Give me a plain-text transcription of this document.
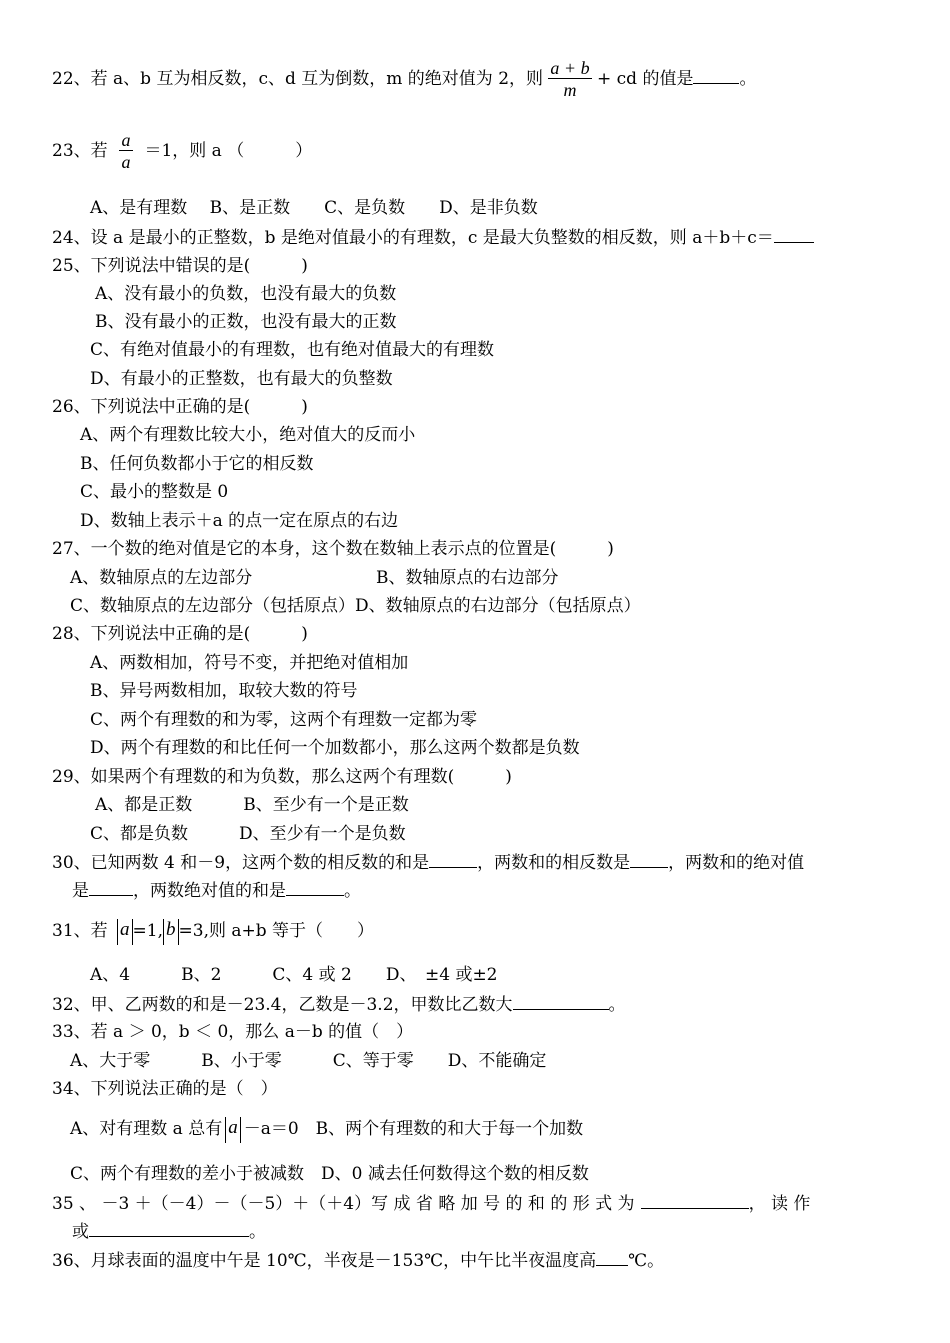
22、若 a、b 互为相反数，c、d 互为倒数，m 的绝对值为 2，则 $\frac{a + b}{m}$ + cd 的值是	。
23、若 $\frac{a}{a} =1$，则 a （　　　）
A、是有理数　 B、是正数　　C、是负数　　D、是非负数
24、设 a 是最小的正整数，b 是绝对值最小的有理数，c 是最大负整数的相反数，则 a＋b＋c＝
25、下列说法中错误的是(　　　)
A、没有最小的负数，也没有最大的负数
B、没有最小的正数，也没有最大的正数
C、有绝对值最小的有理数，也有绝对值最大的有理数
D、有最小的正整数，也有最大的负整数
26、下列说法中正确的是(　　　)
A、两个有理数比较大小，绝对值大的反而小
B、任何负数都小于它的相反数
C、最小的整数是 0
D、数轴上表示＋a 的点一定在原点的右边
27、一个数的绝对值是它的本身，这个数在数轴上表示点的位置是(　　　)
A、数轴原点的左边部分	B、数轴原点的右边部分
C、数轴原点的左边部分（包括原点）D、数轴原点的右边部分（包括原点）
28、下列说法中正确的是(　　　)
A、两数相加，符号不变，并把绝对值相加
B、异号两数相加，取较大数的符号
C、两个有理数的和为零，这两个有理数一定都为零
D、两个有理数的和比任何一个加数都小，那么这两个数都是负数
29、如果两个有理数的和为负数，那么这两个有理数(　　　)
A、都是正数　　　B、至少有一个是正数
C、都是负数　　　D、至少有一个是负数
30、已知两数 4 和－9，这两个数的相反数的和是	，两数和的相反数是 ，两数和的绝对值
是	，两数绝对值的和是	。
31、若 a =1, b =3,则 a+b 等于（　　）
A、4　　　B、2　　　C、4 或 2　　D、　±4 或±2
32、甲、乙两数的和是－23.4，乙数是－3.2，甲数比乙数大	。
33、若 a ＞ 0，b ＜ 0，那么 a－b 的值（　）
A、大于零　　　B、小于零　　　C、等于零　　D、不能确定
34、下列说法正确的是（　）
A、对有理数 a 总有 a －a＝0　B、两个有理数的和大于每一个加数
C、两个有理数的差小于被减数　D、0 减去任何数得这个数的相反数
35 、 －3 ＋（－4）－（－5）＋（＋4）写 成 省 略 加 号 的 和 的 形 式 为	， 读 作
或	。
36、月球表面的温度中午是 10℃，半夜是－153℃，中午比半夜温度高 ℃。
